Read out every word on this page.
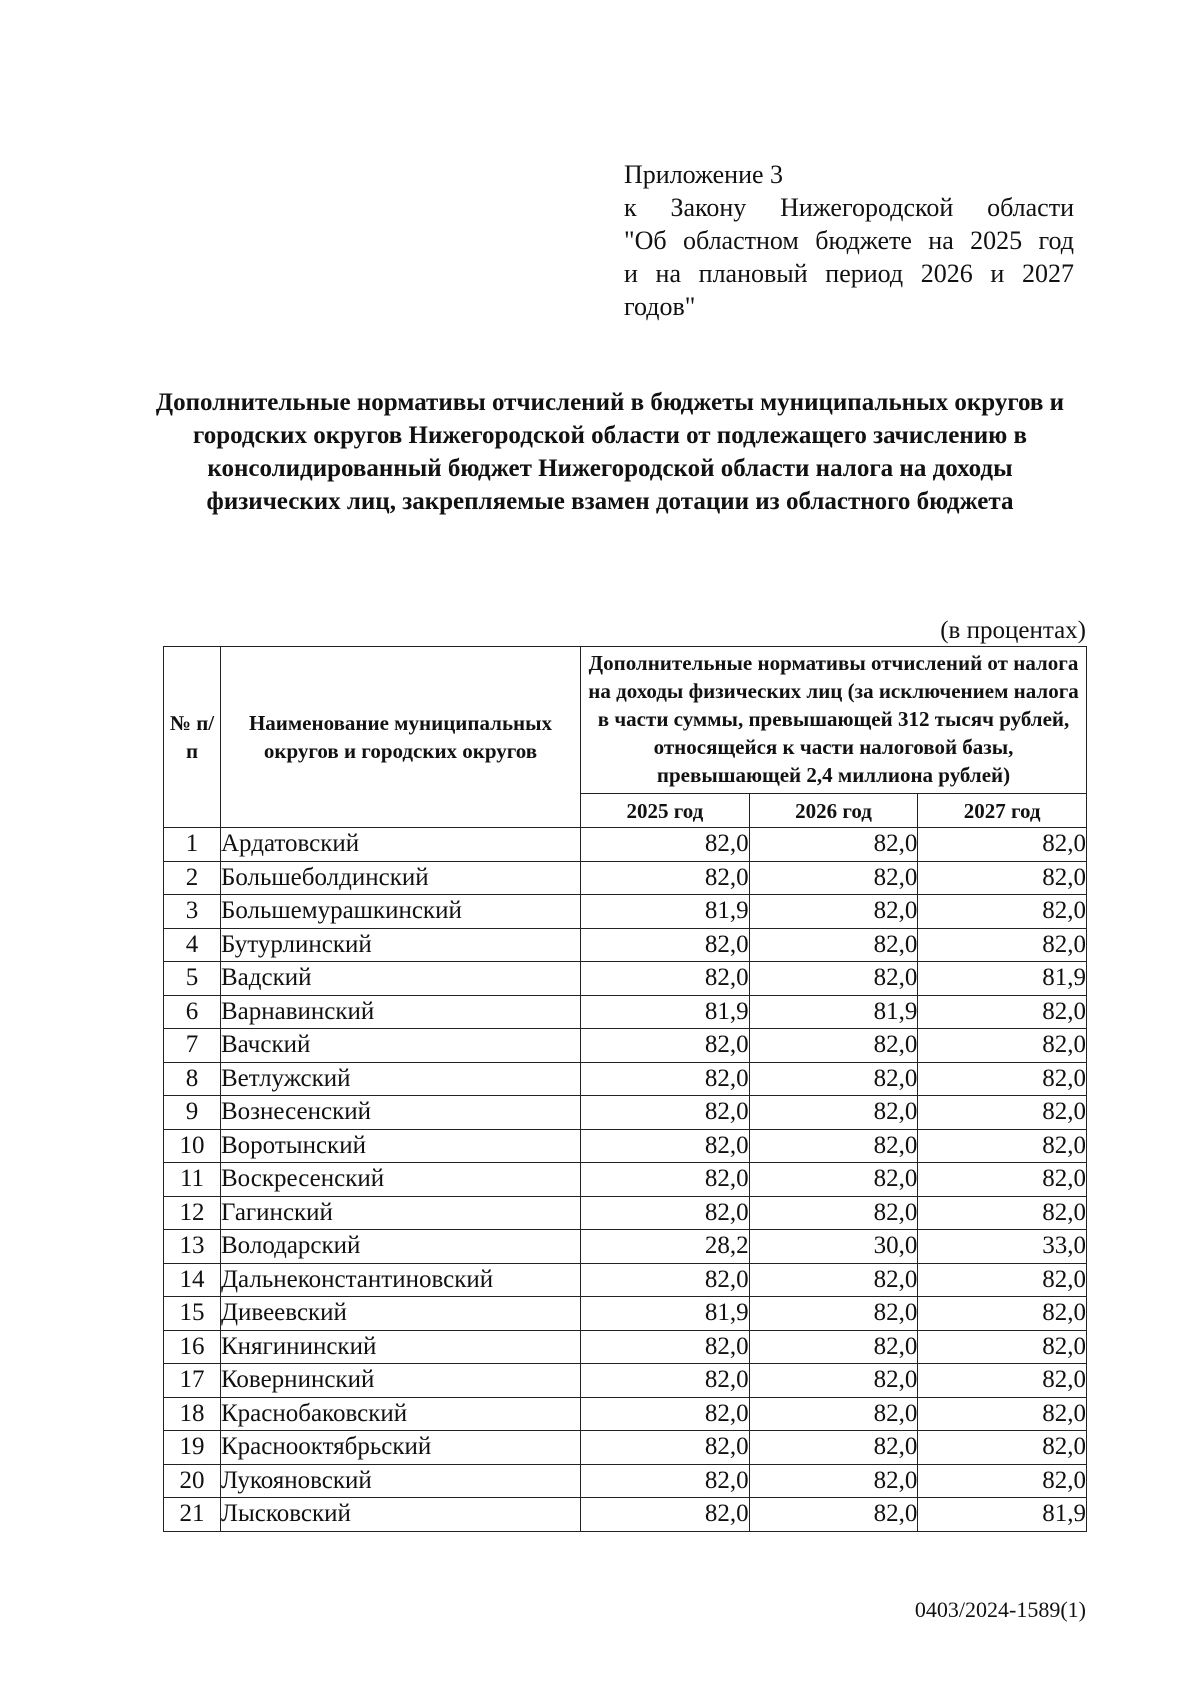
Приложение 3
к Закону Нижегородской области
"Об областном бюджете на 2025 год
и на плановый период 2026 и 2027
годов"
Дополнительные нормативы отчислений в бюджеты муниципальных округов и городских округов Нижегородской области от подлежащего зачислению в консолидированный бюджет Нижегородской области налога на доходы физических лиц, закрепляемые взамен дотации из областного бюджета
(в процентах)
№ п/п	Наименование муниципальных округов и городских округов	Дополнительные нормативы отчислений от налога на доходы физических лиц (за исключением налога в части суммы, превышающей 312 тысяч рублей, относящейся к части налоговой базы, превышающей 2,4 миллиона рублей)		
		2025 год	2026 год	2027 год
1	Ардатовский	82,0	82,0	82,0
2	Большеболдинский	82,0	82,0	82,0
3	Большемурашкинский	81,9	82,0	82,0
4	Бутурлинский	82,0	82,0	82,0
5	Вадский	82,0	82,0	81,9
6	Варнавинский	81,9	81,9	82,0
7	Вачский	82,0	82,0	82,0
8	Ветлужский	82,0	82,0	82,0
9	Вознесенский	82,0	82,0	82,0
10	Воротынский	82,0	82,0	82,0
11	Воскресенский	82,0	82,0	82,0
12	Гагинский	82,0	82,0	82,0
13	Володарский	28,2	30,0	33,0
14	Дальнеконстантиновский	82,0	82,0	82,0
15	Дивеевский	81,9	82,0	82,0
16	Княгининский	82,0	82,0	82,0
17	Ковернинский	82,0	82,0	82,0
18	Краснобаковский	82,0	82,0	82,0
19	Краснооктябрьский	82,0	82,0	82,0
20	Лукояновский	82,0	82,0	82,0
21	Лысковский	82,0	82,0	81,9
0403/2024-1589(1)
